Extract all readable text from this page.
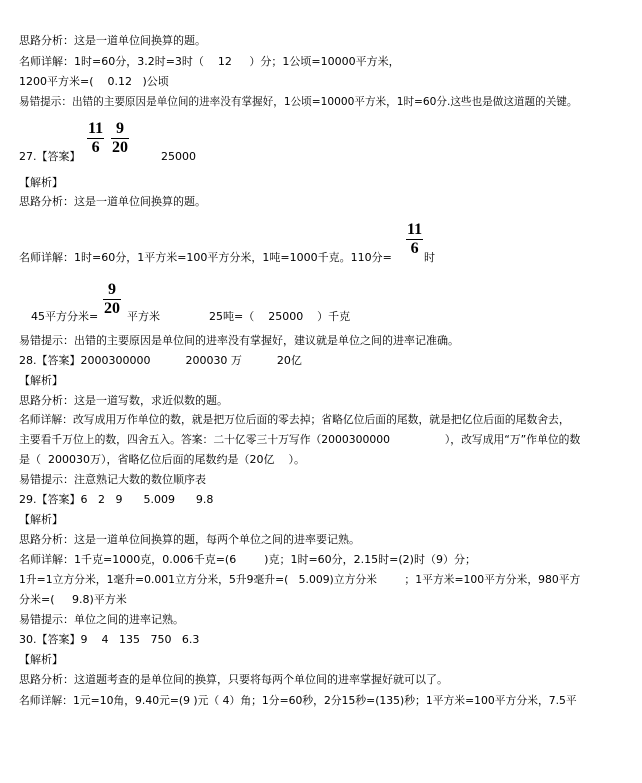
思路分析：这是一道单位间换算的题。
名师详解：1时=60分，3.2时=3时（    12     ）分；1公顷=10000平方米，
1200平方米=(    0.12   )公顷
易错提示：出错的主要原因是单位间的进率没有掌握好，1公顷=10000平方米，1时=60分.这些也是做这道题的关键。
27.【答案】 $\frac{11}{6} \frac{9}{20}$	25000
【解析】
思路分析：这是一道单位间换算的题。
名师详解：1时=60分，1平方米=100平方分米，1吨=1000千克。110分= $\frac{11}{6}$ 时
45平方分米= $\frac{9}{20}$ 平方米	25吨=（    25000    ）千克
易错提示：出错的主要原因是单位间的进率没有掌握好，建议就是单位之间的进率记准确。
28.【答案】2000300000          200030 万          20亿
【解析】
思路分析：这是一道写数，求近似数的题。
名师详解：改写成用万作单位的数，就是把万位后面的零去掉；省略亿位后面的尾数，就是把亿位后面的尾数舍去，
主要看千万位上的数，四舍五入。答案：二十亿零三十万写作（2000300000                ），改写成用“万”作单位的数
是（  200030万），省略亿位后面的尾数约是（20亿    ）。
易错提示：注意熟记大数的数位顺序表
29.【答案】6   2   9      5.009      9.8
【解析】
思路分析：这是一道单位间换算的题，每两个单位之间的进率要记熟。
名师详解：1千克=1000克，0.006千克=(6        )克；1时=60分，2.15时=(2)时（9）分；
1升=1立方分米，1毫升=0.001立方分米，5升9毫升=(   5.009)立方分米        ；1平方米=100平方分米，980平方
分米=(     9.8)平方米
易错提示：单位之间的进率记熟。
30.【答案】9    4   135   750   6.3
【解析】
思路分析：这道题考查的是单位间的换算，只要将每两个单位间的进率掌握好就可以了。
名师详解：1元=10角，9.40元=(9 )元（ 4）角；1分=60秒，2分15秒=(135)秒；1平方米=100平方分米，7.5平
